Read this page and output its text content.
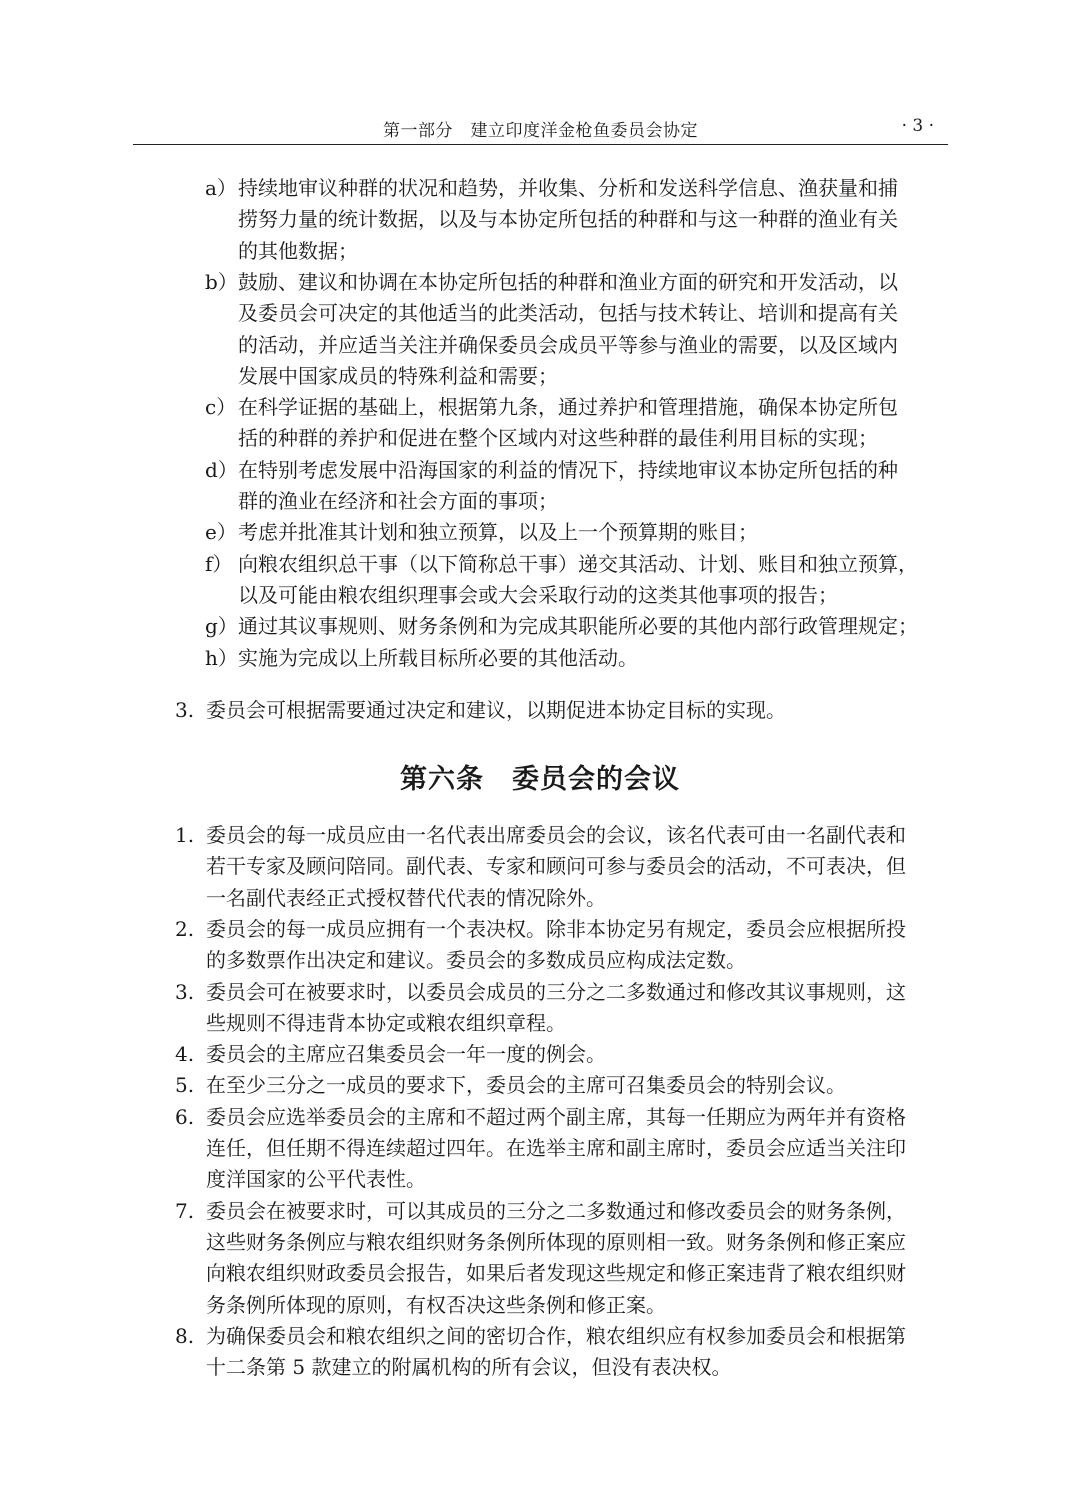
第一部分　建立印度洋金枪鱼委员会协定	· 3 ·
a） 持续地审议种群的状况和趋势，并收集、分析和发送科学信息、渔获量和捕
捞努力量的统计数据，以及与本协定所包括的种群和与这一种群的渔业有关
的其他数据；
b） 鼓励、建议和协调在本协定所包括的种群和渔业方面的研究和开发活动，以
及委员会可决定的其他适当的此类活动，包括与技术转让、培训和提高有关
的活动，并应适当关注并确保委员会成员平等参与渔业的需要，以及区域内
发展中国家成员的特殊利益和需要；
c） 在科学证据的基础上，根据第九条，通过养护和管理措施，确保本协定所包
括的种群的养护和促进在整个区域内对这些种群的最佳利用目标的实现；
d） 在特别考虑发展中沿海国家的利益的情况下，持续地审议本协定所包括的种
群的渔业在经济和社会方面的事项；
e） 考虑并批准其计划和独立预算，以及上一个预算期的账目；
f） 向粮农组织总干事（以下简称总干事）递交其活动、计划、账目和独立预算，
以及可能由粮农组织理事会或大会采取行动的这类其他事项的报告；
g） 通过其议事规则、财务条例和为完成其职能所必要的其他内部行政管理规定；
h） 实施为完成以上所载目标所必要的其他活动。
3. 委员会可根据需要通过决定和建议，以期促进本协定目标的实现。
第六条　委员会的会议
1. 委员会的每一成员应由一名代表出席委员会的会议，该名代表可由一名副代表和
若干专家及顾问陪同。副代表、专家和顾问可参与委员会的活动，不可表决，但
一名副代表经正式授权替代代表的情况除外。
2. 委员会的每一成员应拥有一个表决权。除非本协定另有规定，委员会应根据所投
的多数票作出决定和建议。委员会的多数成员应构成法定数。
3. 委员会可在被要求时，以委员会成员的三分之二多数通过和修改其议事规则，这
些规则不得违背本协定或粮农组织章程。
4. 委员会的主席应召集委员会一年一度的例会。
5. 在至少三分之一成员的要求下，委员会的主席可召集委员会的特别会议。
6. 委员会应选举委员会的主席和不超过两个副主席，其每一任期应为两年并有资格
连任，但任期不得连续超过四年。在选举主席和副主席时，委员会应适当关注印
度洋国家的公平代表性。
7. 委员会在被要求时，可以其成员的三分之二多数通过和修改委员会的财务条例，
这些财务条例应与粮农组织财务条例所体现的原则相一致。财务条例和修正案应
向粮农组织财政委员会报告，如果后者发现这些规定和修正案违背了粮农组织财
务条例所体现的原则，有权否决这些条例和修正案。
8. 为确保委员会和粮农组织之间的密切合作，粮农组织应有权参加委员会和根据第
十二条第 5 款建立的附属机构的所有会议，但没有表决权。
